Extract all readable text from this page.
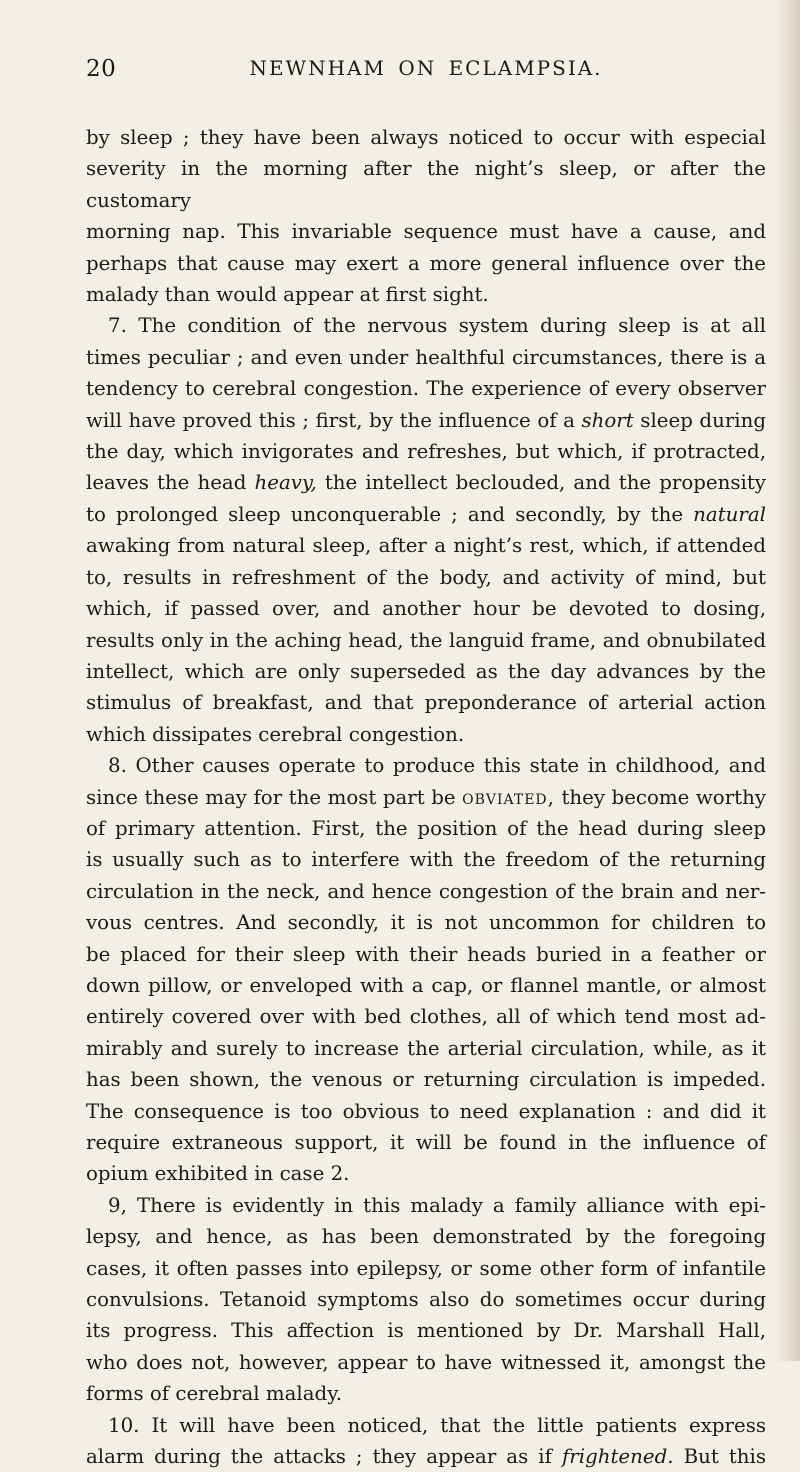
20	NEWNHAM ON ECLAMPSIA.

by sleep ; they have been always noticed to occur with especial

severity in the morning after the night’s sleep, or after the customary

morning nap. This invariable sequence must have a cause, and

perhaps that cause may exert a more general influence over the

malady than would appear at first sight.

7. The condition of the nervous system during sleep is at all

times peculiar ; and even under healthful circumstances, there is a

tendency to cerebral congestion. The experience of every observer

will have proved this ; first, by the influence of a short sleep during

the day, which invigorates and refreshes, but which, if protracted,

leaves the head heavy, the intellect beclouded, and the propensity

to prolonged sleep unconquerable ; and secondly, by the natural

awaking from natural sleep, after a night’s rest, which, if attended

to, results in refreshment of the body, and activity of mind, but

which, if passed over, and another hour be devoted to dosing,

results only in the aching head, the languid frame, and obnubilated

intellect, which are only superseded as the day advances by the

stimulus of breakfast, and that preponderance of arterial action

which dissipates cerebral congestion.

8. Other causes operate to produce this state in childhood, and

since these may for the most part be obviated, they become worthy

of primary attention. First, the position of the head during sleep

is usually such as to interfere with the freedom of the returning

circulation in the neck, and hence congestion of the brain and ner-

vous centres. And secondly, it is not uncommon for children to

be placed for their sleep with their heads buried in a feather or

down pillow, or enveloped with a cap, or flannel mantle, or almost

entirely covered over with bed clothes, all of which tend most ad-

mirably and surely to increase the arterial circulation, while, as it

has been shown, the venous or returning circulation is impeded.

The consequence is too obvious to need explanation : and did it

require extraneous support, it will be found in the influence of

opium exhibited in case 2.

9, There is evidently in this malady a family alliance with epi-

lepsy, and hence, as has been demonstrated by the foregoing

cases, it often passes into epilepsy, or some other form of infantile

convulsions. Tetanoid symptoms also do sometimes occur during

its progress. This affection is mentioned by Dr. Marshall Hall,

who does not, however, appear to have witnessed it, amongst the

forms of cerebral malady.

10. It will have been noticed, that the little patients express

alarm during the attacks ; they appear as if frightened. But this
